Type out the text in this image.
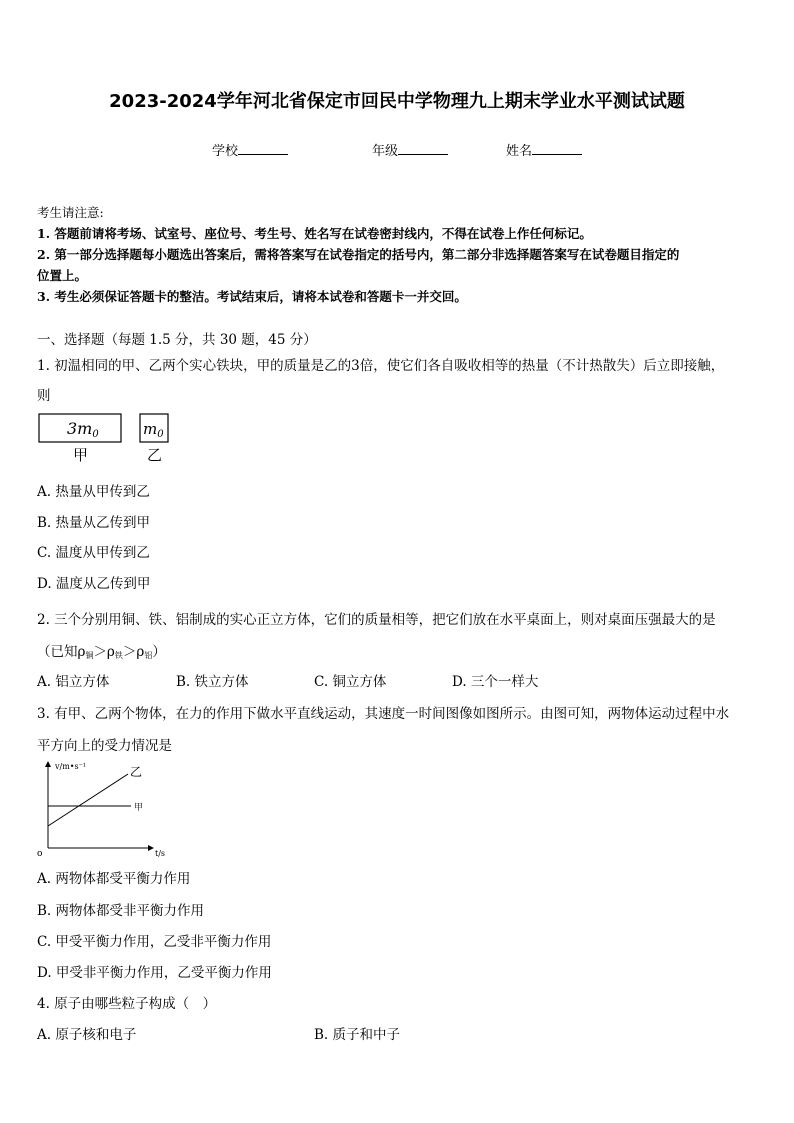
2023-2024学年河北省保定市回民中学物理九上期末学业水平测试试题
学校	年级	姓名
考生请注意:
1. 答题前请将考场、试室号、座位号、考生号、姓名写在试卷密封线内，不得在试卷上作任何标记。
2. 第一部分选择题每小题选出答案后，需将答案写在试卷指定的括号内，第二部分非选择题答案写在试卷题目指定的
位置上。
3. 考生必须保证答题卡的整洁。考试结束后，请将本试卷和答题卡一并交回。
一、选择题（每题 1.5 分，共 30 题，45 分）
1. 初温相同的甲、乙两个实心铁块，甲的质量是乙的3倍，使它们各自吸收相等的热量（不计热散失）后立即接触，
则
3m0
甲
$m_0$
乙
A. 热量从甲传到乙
B. 热量从乙传到甲
C. 温度从甲传到乙
D. 温度从乙传到甲
2. 三个分别用铜、铁、铝制成的实心正立方体，它们的质量相等，把它们放在水平桌面上，则对桌面压强最大的是
（已知$\rho_铜>\rho_铁>\rho_铝$）
A. 铝立方体	B. 铁立方体	C. 铜立方体	D. 三个一样大
3. 有甲、乙两个物体，在力的作用下做水平直线运动，其速度一时间图像如图所示。由图可知，两物体运动过程中水
平方向上的受力情况是
v/m•s⁻¹
t/s
o
乙
甲
A. 两物体都受平衡力作用
B. 两物体都受非平衡力作用
C. 甲受平衡力作用，乙受非平衡力作用
D. 甲受非平衡力作用，乙受平衡力作用
4. 原子由哪些粒子构成（　）
A. 原子核和电子	B. 质子和中子
